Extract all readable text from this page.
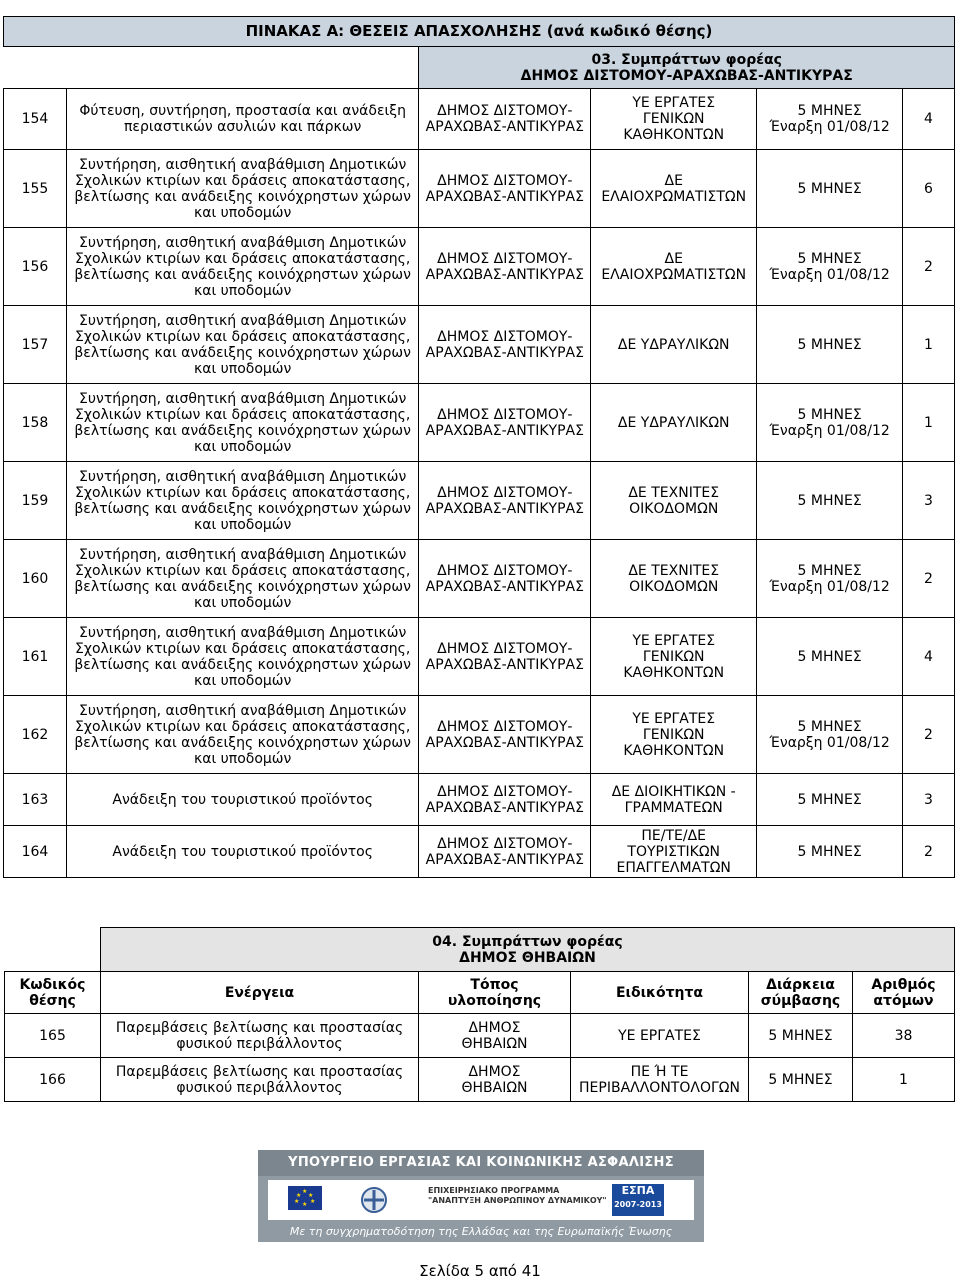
ΠΙΝΑΚΑΣ Α: ΘΕΣΕΙΣ ΑΠΑΣΧΟΛΗΣΗΣ (ανά κωδικό θέσης)					

		03. Συμπράττων φορέας
ΔΗΜΟΣ ΔΙΣΤΟΜΟΥ-ΑΡΑΧΩΒΑΣ-ΑΝΤΙΚΥΡΑΣ			

154	Φύτευση, συντήρηση, προστασία και ανάδειξη
περιαστικών ασυλιών και πάρκων	ΔΗΜΟΣ ΔΙΣΤΟΜΟΥ-
ΑΡΑΧΩΒΑΣ-ΑΝΤΙΚΥΡΑΣ	ΥΕ ΕΡΓΑΤΕΣ
ΓΕΝΙΚΩΝ
ΚΑΘΗΚΟΝΤΩΝ	5 ΜΗΝΕΣ
Έναρξη 01/08/12	4
155	Συντήρηση, αισθητική αναβάθμιση Δημοτικών
Σχολικών κτιρίων και δράσεις αποκατάστασης,
βελτίωσης και ανάδειξης κοινόχρηστων χώρων
και υποδομών	ΔΗΜΟΣ ΔΙΣΤΟΜΟΥ-
ΑΡΑΧΩΒΑΣ-ΑΝΤΙΚΥΡΑΣ	ΔΕ
ΕΛΑΙΟΧΡΩΜΑΤΙΣΤΩΝ	5 ΜΗΝΕΣ	6
156	Συντήρηση, αισθητική αναβάθμιση Δημοτικών
Σχολικών κτιρίων και δράσεις αποκατάστασης,
βελτίωσης και ανάδειξης κοινόχρηστων χώρων
και υποδομών	ΔΗΜΟΣ ΔΙΣΤΟΜΟΥ-
ΑΡΑΧΩΒΑΣ-ΑΝΤΙΚΥΡΑΣ	ΔΕ
ΕΛΑΙΟΧΡΩΜΑΤΙΣΤΩΝ	5 ΜΗΝΕΣ
Έναρξη 01/08/12	2
157	Συντήρηση, αισθητική αναβάθμιση Δημοτικών
Σχολικών κτιρίων και δράσεις αποκατάστασης,
βελτίωσης και ανάδειξης κοινόχρηστων χώρων
και υποδομών	ΔΗΜΟΣ ΔΙΣΤΟΜΟΥ-
ΑΡΑΧΩΒΑΣ-ΑΝΤΙΚΥΡΑΣ	ΔΕ ΥΔΡΑΥΛΙΚΩΝ	5 ΜΗΝΕΣ	1
158	Συντήρηση, αισθητική αναβάθμιση Δημοτικών
Σχολικών κτιρίων και δράσεις αποκατάστασης,
βελτίωσης και ανάδειξης κοινόχρηστων χώρων
και υποδομών	ΔΗΜΟΣ ΔΙΣΤΟΜΟΥ-
ΑΡΑΧΩΒΑΣ-ΑΝΤΙΚΥΡΑΣ	ΔΕ ΥΔΡΑΥΛΙΚΩΝ	5 ΜΗΝΕΣ
Έναρξη 01/08/12	1
159	Συντήρηση, αισθητική αναβάθμιση Δημοτικών
Σχολικών κτιρίων και δράσεις αποκατάστασης,
βελτίωσης και ανάδειξης κοινόχρηστων χώρων
και υποδομών	ΔΗΜΟΣ ΔΙΣΤΟΜΟΥ-
ΑΡΑΧΩΒΑΣ-ΑΝΤΙΚΥΡΑΣ	ΔΕ ΤΕΧΝΙΤΕΣ
ΟΙΚΟΔΟΜΩΝ	5 ΜΗΝΕΣ	3
160	Συντήρηση, αισθητική αναβάθμιση Δημοτικών
Σχολικών κτιρίων και δράσεις αποκατάστασης,
βελτίωσης και ανάδειξης κοινόχρηστων χώρων
και υποδομών	ΔΗΜΟΣ ΔΙΣΤΟΜΟΥ-
ΑΡΑΧΩΒΑΣ-ΑΝΤΙΚΥΡΑΣ	ΔΕ ΤΕΧΝΙΤΕΣ
ΟΙΚΟΔΟΜΩΝ	5 ΜΗΝΕΣ
Έναρξη 01/08/12	2
161	Συντήρηση, αισθητική αναβάθμιση Δημοτικών
Σχολικών κτιρίων και δράσεις αποκατάστασης,
βελτίωσης και ανάδειξης κοινόχρηστων χώρων
και υποδομών	ΔΗΜΟΣ ΔΙΣΤΟΜΟΥ-
ΑΡΑΧΩΒΑΣ-ΑΝΤΙΚΥΡΑΣ	ΥΕ ΕΡΓΑΤΕΣ
ΓΕΝΙΚΩΝ
ΚΑΘΗΚΟΝΤΩΝ	5 ΜΗΝΕΣ	4
162	Συντήρηση, αισθητική αναβάθμιση Δημοτικών
Σχολικών κτιρίων και δράσεις αποκατάστασης,
βελτίωσης και ανάδειξης κοινόχρηστων χώρων
και υποδομών	ΔΗΜΟΣ ΔΙΣΤΟΜΟΥ-
ΑΡΑΧΩΒΑΣ-ΑΝΤΙΚΥΡΑΣ	ΥΕ ΕΡΓΑΤΕΣ
ΓΕΝΙΚΩΝ
ΚΑΘΗΚΟΝΤΩΝ	5 ΜΗΝΕΣ
Έναρξη 01/08/12	2
163	Ανάδειξη του τουριστικού προϊόντος	ΔΗΜΟΣ ΔΙΣΤΟΜΟΥ-
ΑΡΑΧΩΒΑΣ-ΑΝΤΙΚΥΡΑΣ	ΔΕ ΔΙΟΙΚΗΤΙΚΩΝ -
ΓΡΑΜΜΑΤΕΩΝ	5 ΜΗΝΕΣ	3
164	Ανάδειξη του τουριστικού προϊόντος	ΔΗΜΟΣ ΔΙΣΤΟΜΟΥ-
ΑΡΑΧΩΒΑΣ-ΑΝΤΙΚΥΡΑΣ	ΠΕ/ΤΕ/ΔΕ
ΤΟΥΡΙΣΤΙΚΩΝ
ΕΠΑΓΓΕΛΜΑΤΩΝ	5 ΜΗΝΕΣ	2

	04. Συμπράττων φορέας
ΔΗΜΟΣ ΘΗΒΑΙΩΝ				

Κωδικός
θέσης	Ενέργεια	Τόπος
υλοποίησης	Ειδικότητα	Διάρκεια
σύμβασης	Αριθμός
ατόμων
165	Παρεμβάσεις βελτίωσης και προστασίας
φυσικού περιβάλλοντος	ΔΗΜΟΣ
ΘΗΒΑΙΩΝ	ΥΕ ΕΡΓΑΤΕΣ	5 ΜΗΝΕΣ	38
166	Παρεμβάσεις βελτίωσης και προστασίας
φυσικού περιβάλλοντος	ΔΗΜΟΣ
ΘΗΒΑΙΩΝ	ΠΕ Ή ΤΕ
ΠΕΡΙΒΑΛΛΟΝΤΟΛΟΓΩΝ	5 ΜΗΝΕΣ	1
ΥΠΟΥΡΓΕΙΟ ΕΡΓΑΣΙΑΣ ΚΑΙ ΚΟΙΝΩΝΙΚΗΣ ΑΣΦΑΛΙΣΗΣ
★
★ ★
★ ★
★
ΕΠΙΧΕΙΡΗΣΙΑΚΟ ΠΡΟΓΡΑΜΜΑ
"ΑΝΑΠΤΥΞΗ ΑΝΘΡΩΠΙΝΟΥ ΔΥΝΑΜΙΚΟΥ"
ΕΣΠΑ
2007-2013
Με τη συγχρηματοδότηση της Ελλάδας και της Ευρωπαϊκής Ένωσης
Σελίδα 5 από 41
